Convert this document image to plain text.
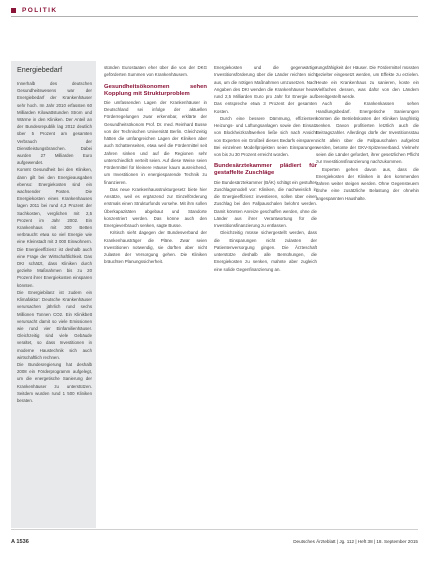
POLITIK
Energiebedarf

Innerhalb des deutschen Gesundheitswesens war der Energiebedarf der Krankenhäuser sehr hoch. Im Jahr 2010 erfassten 60 Milliarden Kilowattstunden Strom und Wärme in den Kliniken. Der Anteil an der Bundesrepublik lag 2012 deutlich über 5 Prozent am gesamten Verbrauch der Dienstleistungsbranchen. Dabei wurden 27 Milliarden Euro aufgewendet.

Kommt Gesundheit bei den Kliniken, dann gilt bei den Energieausgaben ebenso: Energiekosten sind ein wachsender Posten. Die Energiekosten eines Krankenhauses lagen 2011 bei rund 4,3 Prozent der Sachkosten, verglichen mit 2,5 Prozent im Jahr 2002. Ein Krankenhaus mit 300 Betten verbraucht etwa so viel Energie wie eine Kleinstadt mit 3 000 Einwohnern. Die Energieeffizienz ist deshalb auch eine Frage der Wirtschaftlichkeit. Das DKI schätzt, dass Kliniken durch gezielte Maßnahmen bis zu 20 Prozent ihrer Energiekosten einsparen könnten.

Die Energiebilanz ist zudem ein Klimafaktor: Deutsche Krankenhäuser verursachen jährlich rund sechs Millionen Tonnen CO2. Ein Klinikbett verursacht damit so viele Emissionen wie rund vier Einfamilienhäuser. Gleichzeitig sind viele Gebäude veraltet, so dass Investitionen in moderne Haustechnik sich auch wirtschaftlich rechnen.

Die Bundesregierung hat deshalb 2008 ein Förderprogramm aufgelegt, um die energetische Sanierung der Krankenhäuser zu unterstützen. Seitdem wurden rund 1 500 Kliniken beraten.

stünden Eurostaaten eher über die von der DKG geförderten Summen von Krankenhäusern.

Gesundheitsökonomen sehen Kopplung mit Strukturproblem

Die umfassenden Lagen der Krankenhäuser in Deutschland sei infolge der aktuellen Förderregelungen zwar erkennbar, erklärte der Gesundheitsökonom Prof. Dr. med. Reinhard Busse von der Technischen Universität Berlin. Gleichzeitig hätten die umfangreichen Lagen der Kliniken aber auch Schattenseiten, etwa weil die Fördermittel seit Jahren sinken und auf die Regionen sehr unterschiedlich verteilt seien. Auf diese Weise seien Fördermittel für kleinere Häuser kaum ausreichend, um Investitionen in energiesparende Technik zu finanzieren.

Das neue Krankenhausstrukturgesetz biete hier Ansätze, weil es ergänzend zur Einzelförderung erstmals einen Strukturfonds vorsehe. Mit ihm sollen Überkapazitäten abgebaut und Standorte konzentriert werden. Das könne auch den Energieverbrauch senken, sagte Busse.

Kritisch sieht dagegen der Bundesverband der Krankenhausträger die Pläne. Zwar seien Investitionen notwendig, sie dürften aber nicht zulasten der Versorgung gehen. Die Kliniken bräuchten Planungssicherheit.

Energiekosten und die gegenwärtige Investitionsförderung über die Länder reichten nicht aus, um die nötigen Maßnahmen umzusetzen. Nach Angaben des DKI wenden die Krankenhäuser heute rund 2,5 Milliarden Euro pro Jahr für Energie auf. Das entspreche etwa 3 Prozent der gesamten Kosten.

Durch eine bessere Dämmung, effizientere Heizungs- und Lüftungsanlagen sowie den Einsatz von Blockheizkraftwerken ließe sich nach Ansicht von Experten ein Großteil dieses Bedarfs einsparen. Bei einzelnen Modellprojekten seien Einsparungen von bis zu 30 Prozent erreicht worden.

Bundesärztekammer plädiert für gestaffelte Zuschläge

Die Bundesärztekammer (BÄK) schlägt ein gestuftes Zuschlagsmodell vor: Kliniken, die nachweislich in die Energieeffizienz investieren, sollen über einen Zuschlag bei den Fallpauschalen belohnt werden. Damit könnten Anreize geschaffen werden, ohne die Länder aus ihrer Verantwortung für die Investitionsfinanzierung zu entlassen.

Gleichzeitig müsse sichergestellt werden, dass die Einsparungen nicht zulasten der Patientenversorgung gingen. Die Ärzteschaft unterstütze deshalb alle Bemühungen, die Energiekosten zu senken, mahnte aber zugleich eine solide Gegenfinanzierung an.

rungsfähigkeit der Häuser. Die Fördermittel müssten gezielter eingesetzt werden, um Effekte zu erzielen. Heute ein Krankenhaus zu sanieren, koste ein Vielfaches dessen, was dafür von den Ländern bereitgestellt werde.

Auch die Krankenkassen sehen Handlungsbedarf. Energetische Sanierungen könnten die Betriebskosten der Kliniken langfristig senken. Davon profitierten letztlich auch die Beitragszahler. Allerdings dürfe der Investitionsstau nicht allein über die Fallpauschalen aufgelöst werden, betonte der GKV-Spitzenverband. Vielmehr seien die Länder gefordert, ihrer gesetzlichen Pflicht zur Investitionsfinanzierung nachzukommen.

Experten gehen davon aus, dass die Energiekosten der Kliniken in den kommenden Jahren weiter steigen werden. Ohne Gegensteuern drohe eine zusätzliche Belastung der ohnehin angespannten Haushalte.

A 1536	Deutsches Ärzteblatt | Jg. 112 | Heft 38 | 18. September 2015
